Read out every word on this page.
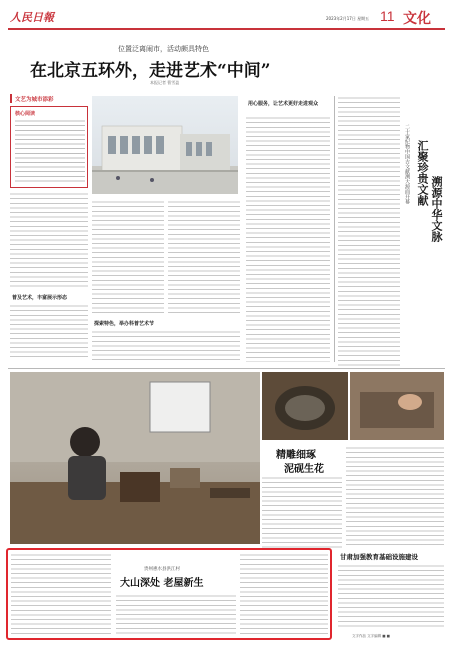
人民日報	2023年2月17日 星期五 11 文化
位置泛离闹市，活动颇具特色
在北京五环外，走进艺术“中间”
本报记者 曹雪盈
文艺为城市添彩
核心阅读
普及艺术，丰富展示形态
探索特色，举办科普艺术节
用心服务，让艺术更好走进观众
二十家纪物中国古文献溯大源面开幕 汇聚珍贵文献
溯源中华文脉
精雕细琢
泥砚生花
贵州惠水县洪江村
大山深处 老屋新生
甘肃加强教育基础设施建设
文字作品 文字编辑 ■ ■
